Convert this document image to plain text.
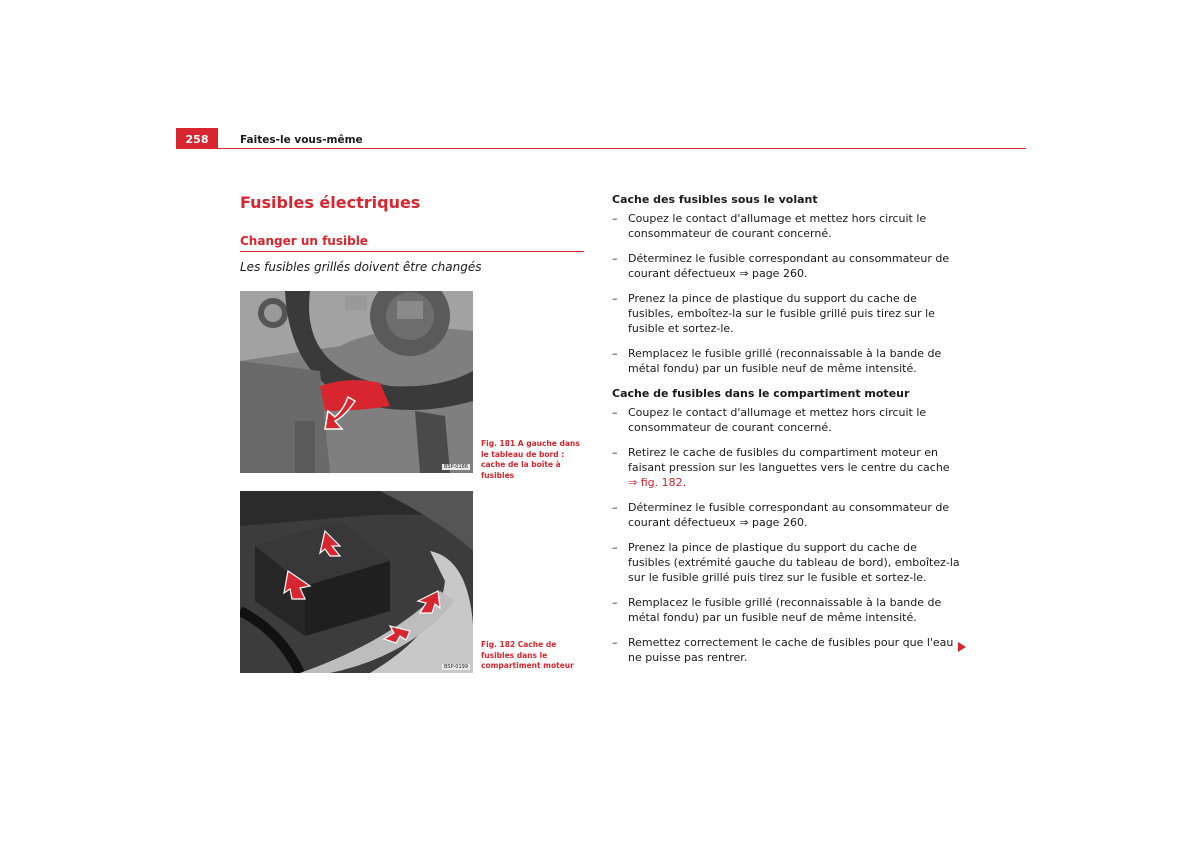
258	Faites-le vous-même
Fusibles électriques
Changer un fusible
Les fusibles grillés doivent être changés
BSP-0186
Fig. 181 A gauche dans le tableau de bord : cache de la boîte à fusibles
BSP-0199
Fig. 182 Cache de fusibles dans le compartiment moteur
Cache des fusibles sous le volant
– Coupez le contact d'allumage et mettez hors circuit le consommateur de courant concerné.
– Déterminez le fusible correspondant au consommateur de courant défectueux ⇒ page 260.
– Prenez la pince de plastique du support du cache de fusibles, emboîtez-la sur le fusible grillé puis tirez sur le fusible et sortez-le.
– Remplacez le fusible grillé (reconnaissable à la bande de métal fondu) par un fusible neuf de même intensité.
Cache de fusibles dans le compartiment moteur
– Coupez le contact d'allumage et mettez hors circuit le consommateur de courant concerné.
– Retirez le cache de fusibles du compartiment moteur en faisant pression sur les languettes vers le centre du cache ⇒ fig. 182.
– Déterminez le fusible correspondant au consommateur de courant défectueux ⇒ page 260.
– Prenez la pince de plastique du support du cache de fusibles (extrémité gauche du tableau de bord), emboîtez-la sur le fusible grillé puis tirez sur le fusible et sortez-le.
– Remplacez le fusible grillé (reconnaissable à la bande de métal fondu) par un fusible neuf de même intensité.
– Remettez correctement le cache de fusibles pour que l'eau ne puisse pas rentrer.
